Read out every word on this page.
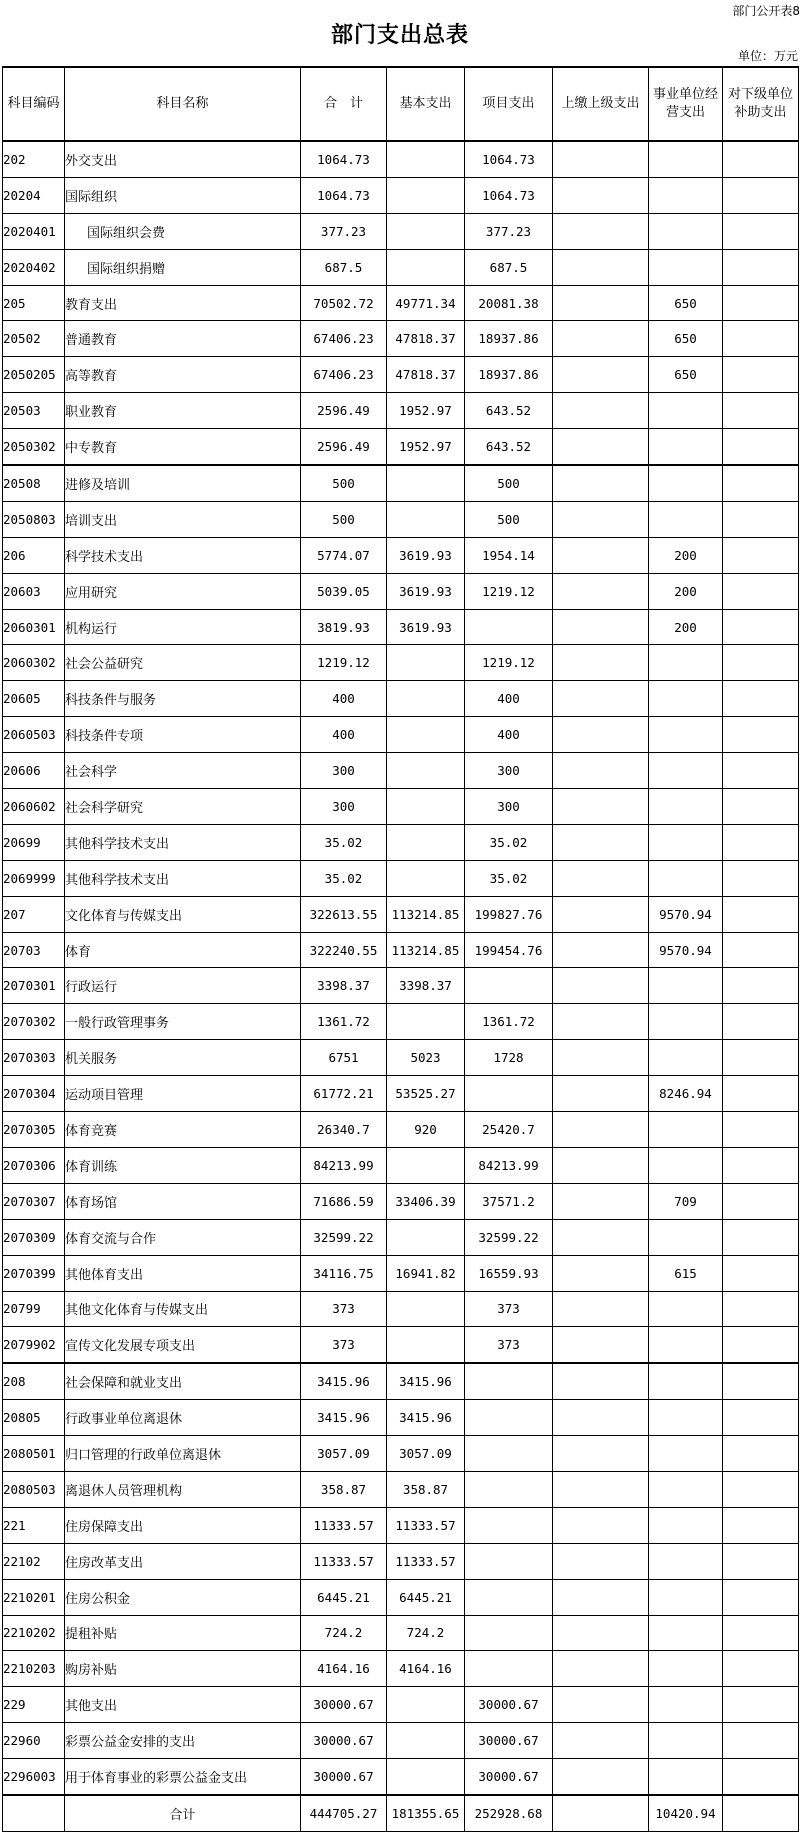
部门公开表8
部门支出总表
单位：万元
科目编码	科目名称	合　计	基本支出	项目支出	上缴上级支出	事业单位经营支出	对下级单位补助支出
202	外交支出	1064.73		1064.73			
20204	国际组织	1064.73		1064.73			
2020401	国际组织会费	377.23		377.23			
2020402	国际组织捐赠	687.5		687.5			
205	教育支出	70502.72	49771.34	20081.38		650	
20502	普通教育	67406.23	47818.37	18937.86		650	
2050205	高等教育	67406.23	47818.37	18937.86		650	
20503	职业教育	2596.49	1952.97	643.52			
2050302	中专教育	2596.49	1952.97	643.52			
20508	进修及培训	500		500			
2050803	培训支出	500		500			
206	科学技术支出	5774.07	3619.93	1954.14		200	
20603	应用研究	5039.05	3619.93	1219.12		200	
2060301	机构运行	3819.93	3619.93			200	
2060302	社会公益研究	1219.12		1219.12			
20605	科技条件与服务	400		400			
2060503	科技条件专项	400		400			
20606	社会科学	300		300			
2060602	社会科学研究	300		300			
20699	其他科学技术支出	35.02		35.02			
2069999	其他科学技术支出	35.02		35.02			
207	文化体育与传媒支出	322613.55	113214.85	199827.76		9570.94	
20703	体育	322240.55	113214.85	199454.76		9570.94	
2070301	行政运行	3398.37	3398.37				
2070302	一般行政管理事务	1361.72		1361.72			
2070303	机关服务	6751	5023	1728			
2070304	运动项目管理	61772.21	53525.27			8246.94	
2070305	体育竞赛	26340.7	920	25420.7			
2070306	体育训练	84213.99		84213.99			
2070307	体育场馆	71686.59	33406.39	37571.2		709	
2070309	体育交流与合作	32599.22		32599.22			
2070399	其他体育支出	34116.75	16941.82	16559.93		615	
20799	其他文化体育与传媒支出	373		373			
2079902	宣传文化发展专项支出	373		373			
208	社会保障和就业支出	3415.96	3415.96				
20805	行政事业单位离退休	3415.96	3415.96				
2080501	归口管理的行政单位离退休	3057.09	3057.09				
2080503	离退休人员管理机构	358.87	358.87				
221	住房保障支出	11333.57	11333.57				
22102	住房改革支出	11333.57	11333.57				
2210201	住房公积金	6445.21	6445.21				
2210202	提租补贴	724.2	724.2				
2210203	购房补贴	4164.16	4164.16				
229	其他支出	30000.67		30000.67			
22960	彩票公益金安排的支出	30000.67		30000.67			
2296003	用于体育事业的彩票公益金支出	30000.67		30000.67			
	合计	444705.27	181355.65	252928.68		10420.94	
